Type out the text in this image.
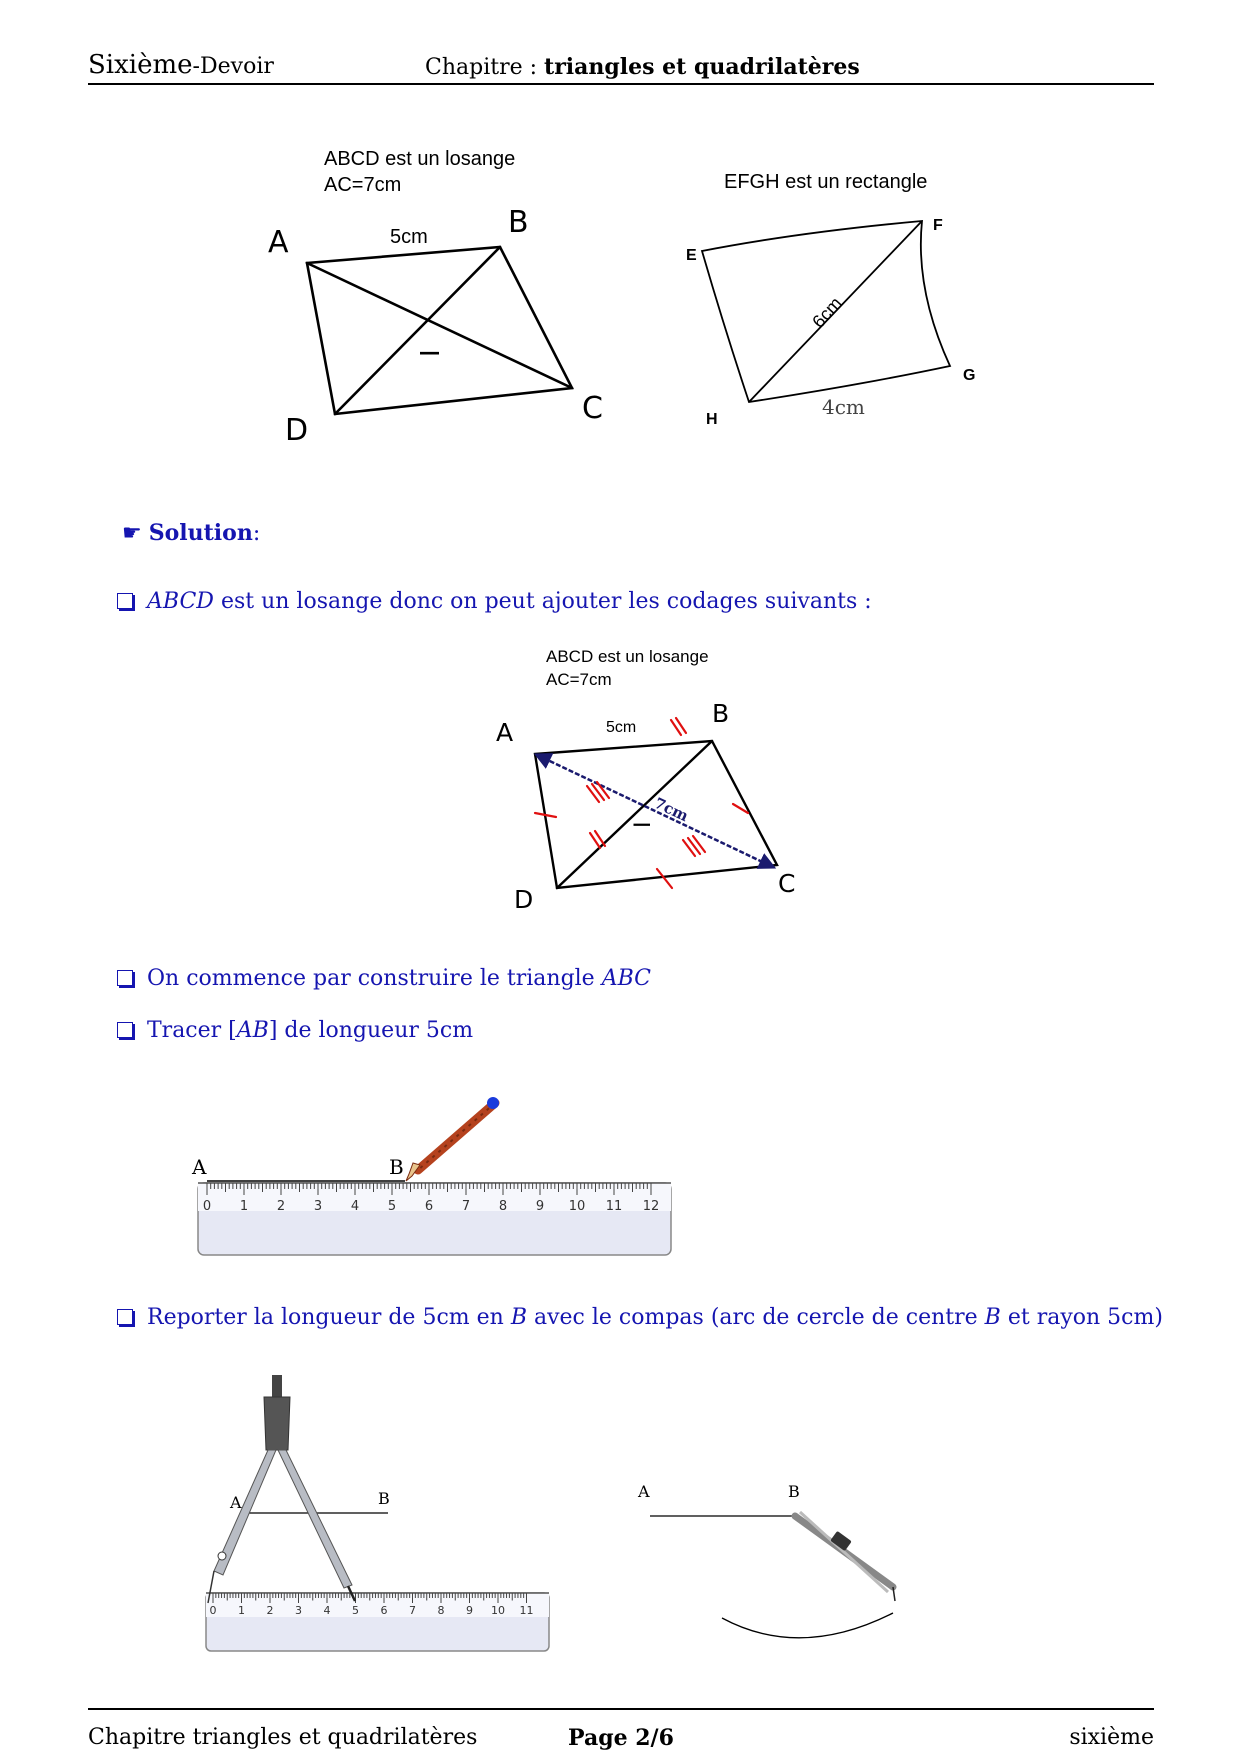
Sixième-Devoir	Chapitre : triangles et quadrilatères
ABCD est un losange
AC=7cm
5cm
A
B
C
D
I
EFGH est un rectangle
E
F
G
H
6cm
4cm
☛ Solution:
ABCD est un losange donc on peut ajouter les codages suivants :
ABCD est un losange
AC=7cm
5cm
7cm
A
B
C
D
I
On commence par construire le triangle ABC
Tracer [AB] de longueur 5cm
0 1 2 3 4 5 6 7 8 9 10 11 12
A	B
Reporter la longueur de 5cm en B avec le compas (arc de cercle de centre B et rayon 5cm)
0 1 2 3 4 5 6 7 8 9 10 11
A	B	A	B
Chapitre triangles et quadrilatères	Page 2/6	sixième
